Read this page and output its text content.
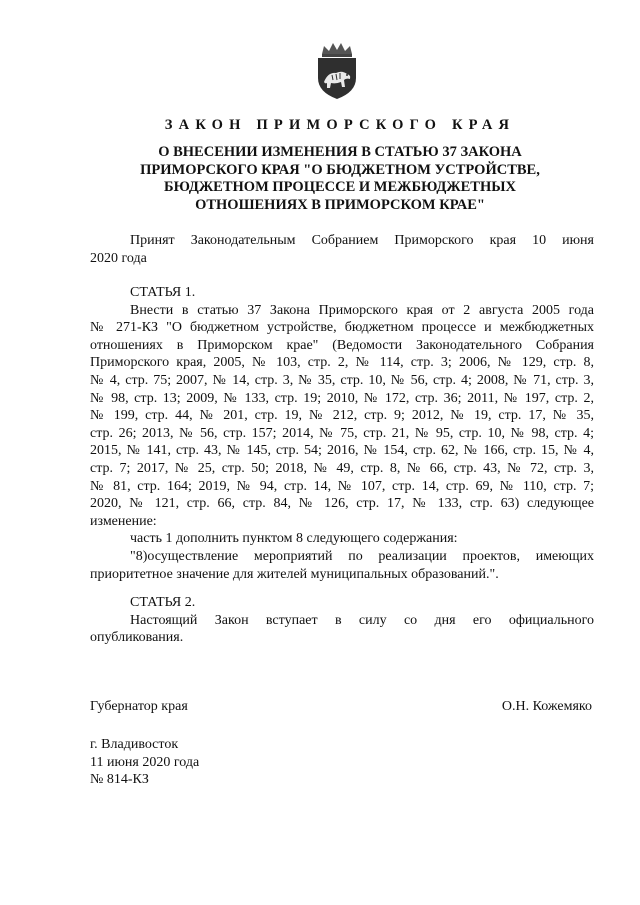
ЗАКОН ПРИМОРСКОГО КРАЯ
О ВНЕСЕНИИ ИЗМЕНЕНИЯ В СТАТЬЮ 37 ЗАКОНА
ПРИМОРСКОГО КРАЯ "О БЮДЖЕТНОМ УСТРОЙСТВЕ,
БЮДЖЕТНОМ ПРОЦЕССЕ И МЕЖБЮДЖЕТНЫХ
ОТНОШЕНИЯХ В ПРИМОРСКОМ КРАЕ"
Принят Законодательным Собранием Приморского края 10 июня
2020 года
СТАТЬЯ 1.
Внести в статью 37 Закона Приморского края от 2 августа 2005 года
№ 271-КЗ "О бюджетном устройстве, бюджетном процессе и межбюджетных
отношениях в Приморском крае" (Ведомости Законодательного Собрания
Приморского края, 2005, № 103, стр. 2, № 114, стр. 3; 2006, № 129, стр. 8,
№ 4, стр. 75; 2007, № 14, стр. 3, № 35, стр. 10, № 56, стр. 4; 2008, № 71, стр. 3,
№ 98, стр. 13; 2009, № 133, стр. 19; 2010, № 172, стр. 36; 2011, № 197, стр. 2,
№ 199, стр. 44, № 201, стр. 19, № 212, стр. 9; 2012, № 19, стр. 17, № 35,
стр. 26; 2013, № 56, стр. 157; 2014, № 75, стр. 21, № 95, стр. 10, № 98, стр. 4;
2015, № 141, стр. 43, № 145, стр. 54; 2016, № 154, стр. 62, № 166, стр. 15, № 4,
стр. 7; 2017, № 25, стр. 50; 2018, № 49, стр. 8, № 66, стр. 43, № 72, стр. 3,
№ 81, стр. 164; 2019, № 94, стр. 14, № 107, стр. 14, стр. 69, № 110, стр. 7;
2020, № 121, стр. 66, стр. 84, № 126, стр. 17, № 133, стр. 63) следующее
изменение:
часть 1 дополнить пунктом 8 следующего содержания:
"8)осуществление мероприятий по реализации проектов, имеющих
приоритетное значение для жителей муниципальных образований.".
СТАТЬЯ 2.
Настоящий Закон вступает в силу со дня его официального
опубликования.
Губернатор края	О.Н. Кожемяко
г. Владивосток
11 июня 2020 года
№ 814-КЗ
